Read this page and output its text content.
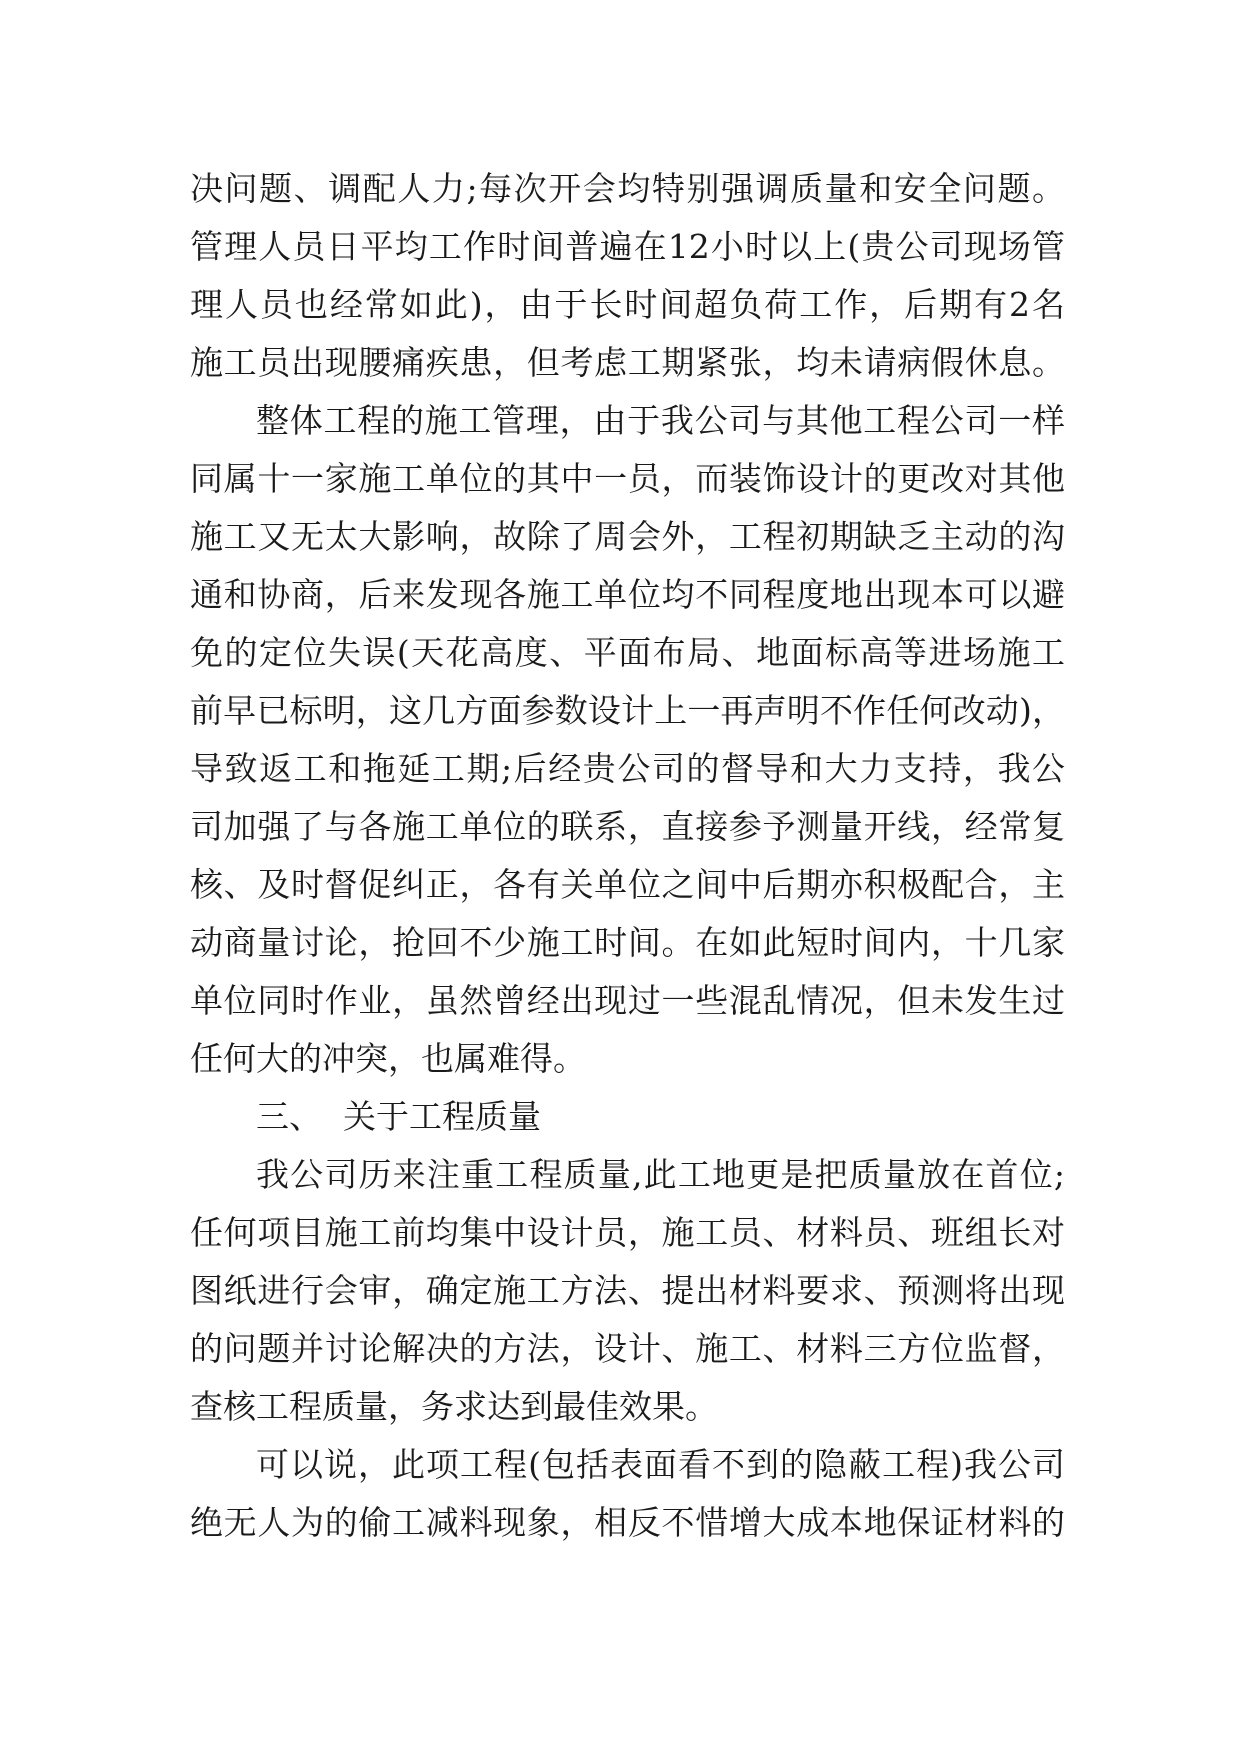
决问题、调配人力;每次开会均特别强调质量和安全问题。
管理人员日平均工作时间普遍在12小时以上(贵公司现场管
理人员也经常如此)，由于长时间超负荷工作，后期有2名
施工员出现腰痛疾患，但考虑工期紧张，均未请病假休息。
整体工程的施工管理，由于我公司与其他工程公司一样
同属十一家施工单位的其中一员，而装饰设计的更改对其他
施工又无太大影响，故除了周会外，工程初期缺乏主动的沟
通和协商，后来发现各施工单位均不同程度地出现本可以避
免的定位失误(天花高度、平面布局、地面标高等进场施工
前早已标明，这几方面参数设计上一再声明不作任何改动)，
导致返工和拖延工期;后经贵公司的督导和大力支持，我公
司加强了与各施工单位的联系，直接参予测量开线，经常复
核、及时督促纠正，各有关单位之间中后期亦积极配合，主
动商量讨论，抢回不少施工时间。在如此短时间内，十几家
单位同时作业，虽然曾经出现过一些混乱情况，但未发生过
任何大的冲突，也属难得。
三、  关于工程质量
我公司历来注重工程质量,此工地更是把质量放在首位;
任何项目施工前均集中设计员，施工员、材料员、班组长对
图纸进行会审，确定施工方法、提出材料要求、预测将出现
的问题并讨论解决的方法，设计、施工、材料三方位监督，
查核工程质量，务求达到最佳效果。
可以说，此项工程(包括表面看不到的隐蔽工程)我公司
绝无人为的偷工减料现象，相反不惜增大成本地保证材料的
